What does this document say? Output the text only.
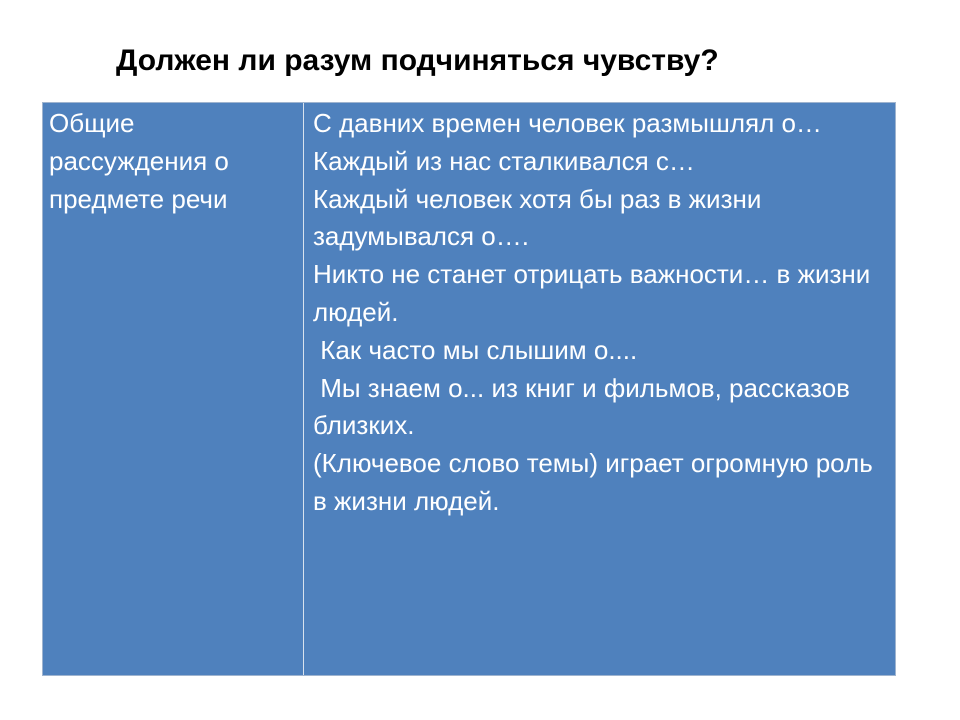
Должен ли разум подчиняться чувству?

Общие рассуждения о предмете речи

С давних времен человек размышлял о…
Каждый из нас сталкивался с…
Каждый человек хотя бы раз в жизни задумывался о….
Никто не станет отрицать важности… в жизни людей.
Как часто мы слышим о....
Мы знаем о... из книг и фильмов, рассказов близких.
(Ключевое слово темы) играет огромную роль в жизни людей.
